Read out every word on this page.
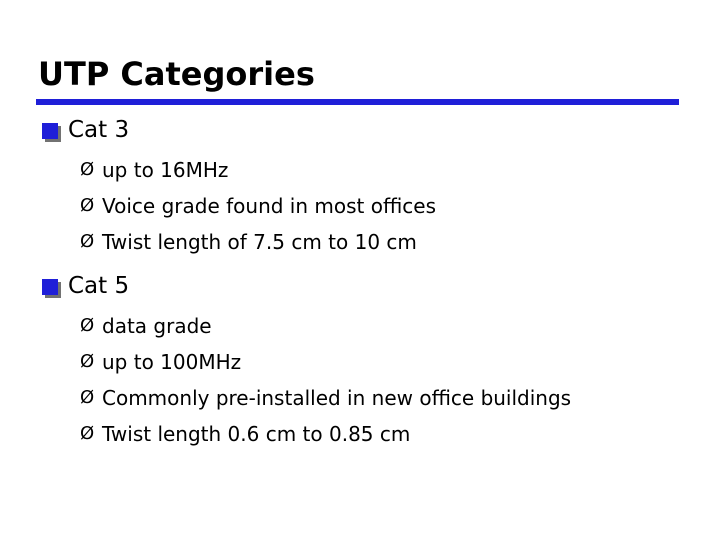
UTP Categories
Cat 3
Ø up to 16MHz
Ø Voice grade found in most offices
Ø Twist length of 7.5 cm to 10 cm
Cat 5
Ø data grade
Ø up to 100MHz
Ø Commonly pre-installed in new office buildings
Ø Twist length 0.6 cm to 0.85 cm
